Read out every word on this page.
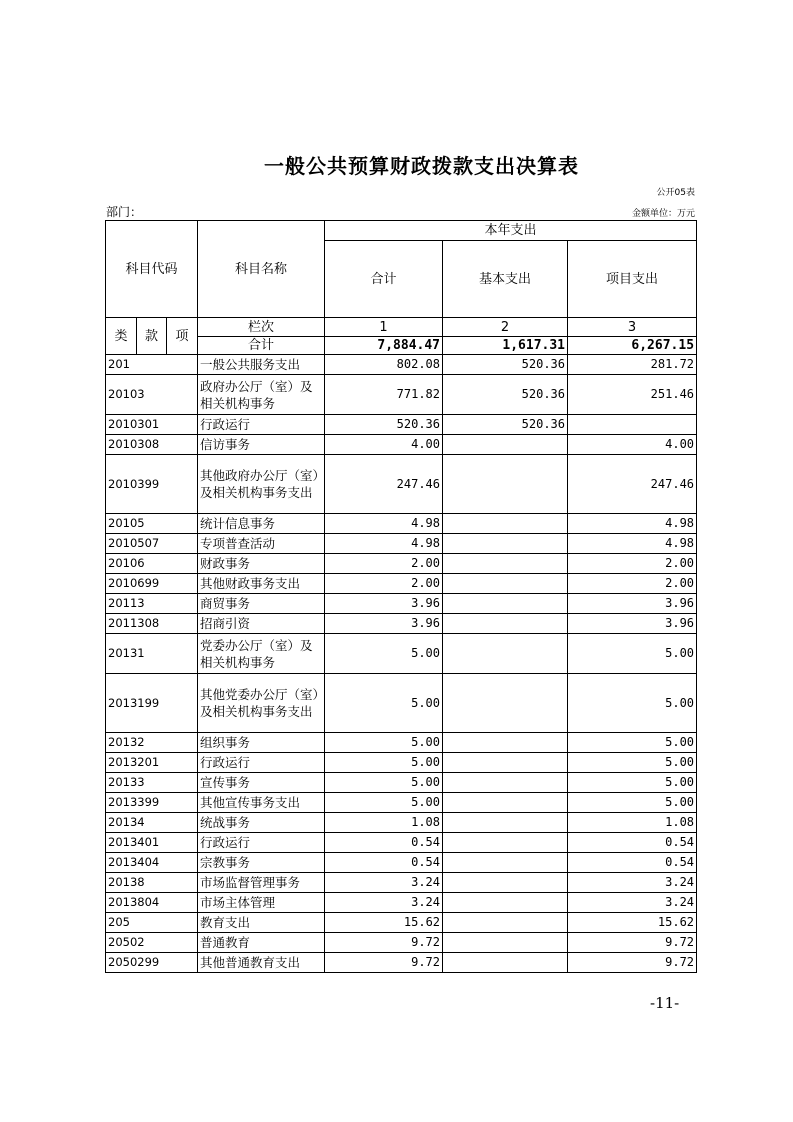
一般公共预算财政拨款支出决算表
公开05表
部门：	金额单位：万元
科目代码			科目名称	本年支出		
				合计	基本支出	项目支出
类	款	项	栏次	1	2	3
			合计	7,884.47	1,617.31	6,267.15
201			一般公共服务支出	802.08	520.36	281.72
20103			政府办公厅（室）及相关机构事务	771.82	520.36	251.46
2010301			行政运行	520.36	520.36	
2010308			信访事务	4.00		4.00
2010399			其他政府办公厅（室）及相关机构事务支出	247.46		247.46
20105			统计信息事务	4.98		4.98
2010507			专项普查活动	4.98		4.98
20106			财政事务	2.00		2.00
2010699			其他财政事务支出	2.00		2.00
20113			商贸事务	3.96		3.96
2011308			招商引资	3.96		3.96
20131			党委办公厅（室）及相关机构事务	5.00		5.00
2013199			其他党委办公厅（室）及相关机构事务支出	5.00		5.00
20132			组织事务	5.00		5.00
2013201			行政运行	5.00		5.00
20133			宣传事务	5.00		5.00
2013399			其他宣传事务支出	5.00		5.00
20134			统战事务	1.08		1.08
2013401			行政运行	0.54		0.54
2013404			宗教事务	0.54		0.54
20138			市场监督管理事务	3.24		3.24
2013804			市场主体管理	3.24		3.24
205			教育支出	15.62		15.62
20502			普通教育	9.72		9.72
2050299			其他普通教育支出	9.72		9.72
-11-
